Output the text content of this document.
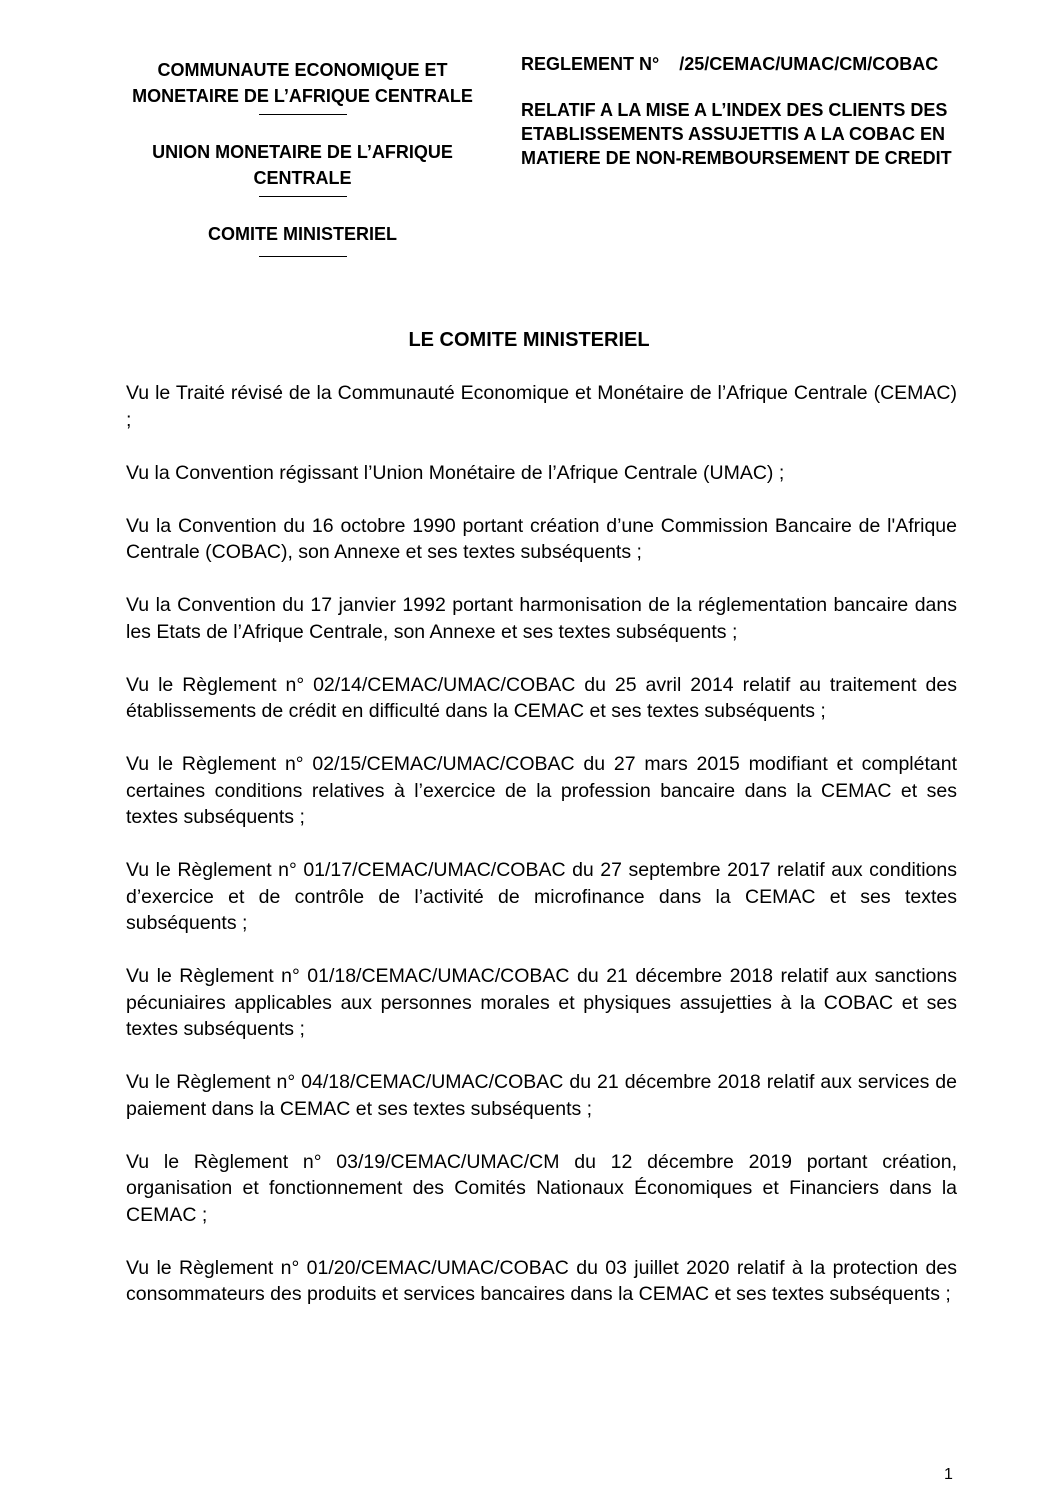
COMMUNAUTE ECONOMIQUE ET
MONETAIRE DE L’AFRIQUE CENTRALE
UNION MONETAIRE DE L’AFRIQUE
CENTRALE
COMITE MINISTERIEL
REGLEMENT N°    /25/CEMAC/UMAC/CM/COBAC
RELATIF A LA MISE A L’INDEX DES CLIENTS DES ETABLISSEMENTS ASSUJETTIS A LA COBAC EN MATIERE DE NON-REMBOURSEMENT DE CREDIT
LE COMITE MINISTERIEL

Vu le Traité révisé de la Communauté Economique et Monétaire de l’Afrique Centrale (CEMAC) ;

Vu la Convention régissant l’Union Monétaire de l’Afrique Centrale (UMAC) ;

Vu la Convention du 16 octobre 1990 portant création d’une Commission Bancaire de l'Afrique Centrale (COBAC), son Annexe et ses textes subséquents ;

Vu la Convention du 17 janvier 1992 portant harmonisation de la réglementation bancaire dans les Etats de l’Afrique Centrale, son Annexe et ses textes subséquents ;

Vu le Règlement n° 02/14/CEMAC/UMAC/COBAC du 25 avril 2014 relatif au traitement des établissements de crédit en difficulté dans la CEMAC et ses textes subséquents ;

Vu le Règlement n° 02/15/CEMAC/UMAC/COBAC du 27 mars 2015 modifiant et complétant certaines conditions relatives à l’exercice de la profession bancaire dans la CEMAC et ses textes subséquents ;

Vu le Règlement n° 01/17/CEMAC/UMAC/COBAC du 27 septembre 2017 relatif aux conditions d’exercice et de contrôle de l’activité de microfinance dans la CEMAC et ses textes subséquents ;

Vu le Règlement n° 01/18/CEMAC/UMAC/COBAC du 21 décembre 2018 relatif aux sanctions pécuniaires applicables aux personnes morales et physiques assujetties à la COBAC et ses textes subséquents ;

Vu le Règlement n° 04/18/CEMAC/UMAC/COBAC du 21 décembre 2018 relatif aux services de paiement dans la CEMAC et ses textes subséquents ;

Vu le Règlement n° 03/19/CEMAC/UMAC/CM du 12 décembre 2019 portant création, organisation et fonctionnement des Comités Nationaux Économiques et Financiers dans la CEMAC ;

Vu le Règlement n° 01/20/CEMAC/UMAC/COBAC du 03 juillet 2020 relatif à la protection des consommateurs des produits et services bancaires dans la CEMAC et ses textes subséquents ;

1
